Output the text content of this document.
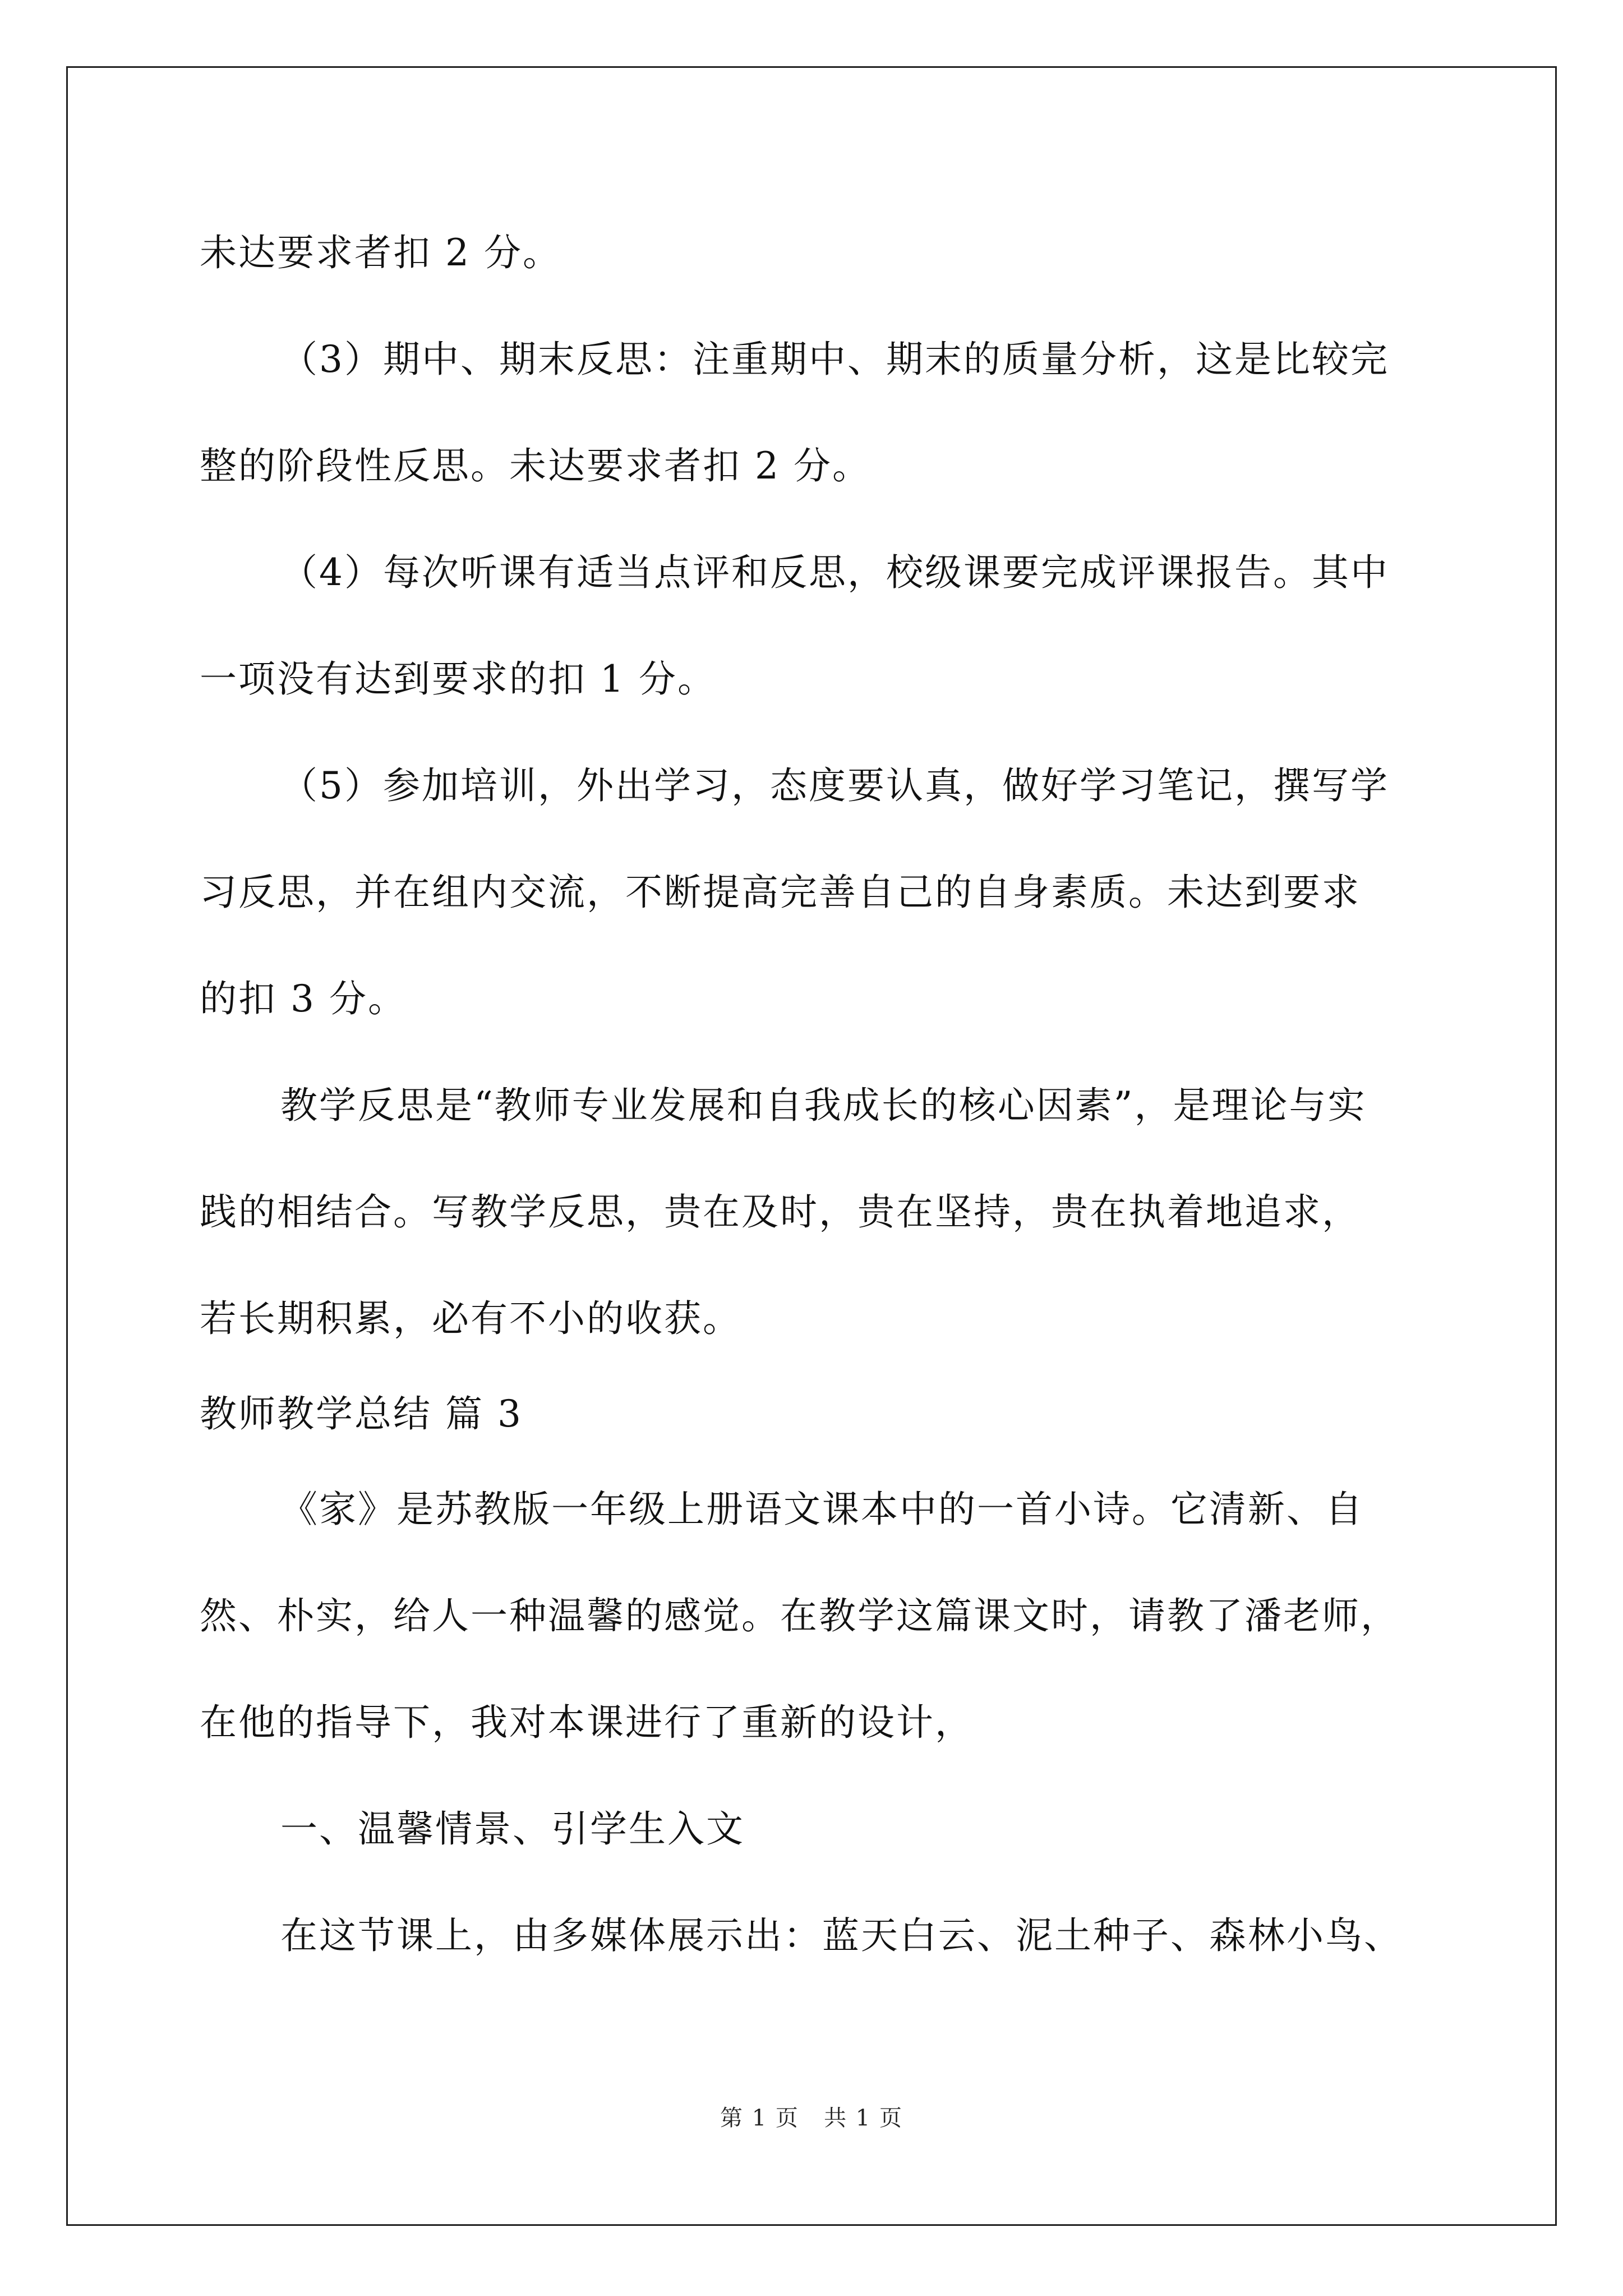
未达要求者扣 2 分。
（3）期中、期末反思：注重期中、期末的质量分析，这是比较完
整的阶段性反思。未达要求者扣 2 分。
（4）每次听课有适当点评和反思，校级课要完成评课报告。其中
一项没有达到要求的扣 1 分。
（5）参加培训，外出学习，态度要认真，做好学习笔记，撰写学
习反思，并在组内交流，不断提高完善自己的自身素质。未达到要求
的扣 3 分。
教学反思是“教师专业发展和自我成长的核心因素”，是理论与实
践的相结合。写教学反思，贵在及时，贵在坚持，贵在执着地追求，
若长期积累，必有不小的收获。
教师教学总结 篇 3
《家》是苏教版一年级上册语文课本中的一首小诗。它清新、自
然、朴实，给人一种温馨的感觉。在教学这篇课文时，请教了潘老师，
在他的指导下，我对本课进行了重新的设计，
一、温馨情景、引学生入文
在这节课上，由多媒体展示出：蓝天白云、泥土种子、森林小鸟、
第 1 页   共 1 页
